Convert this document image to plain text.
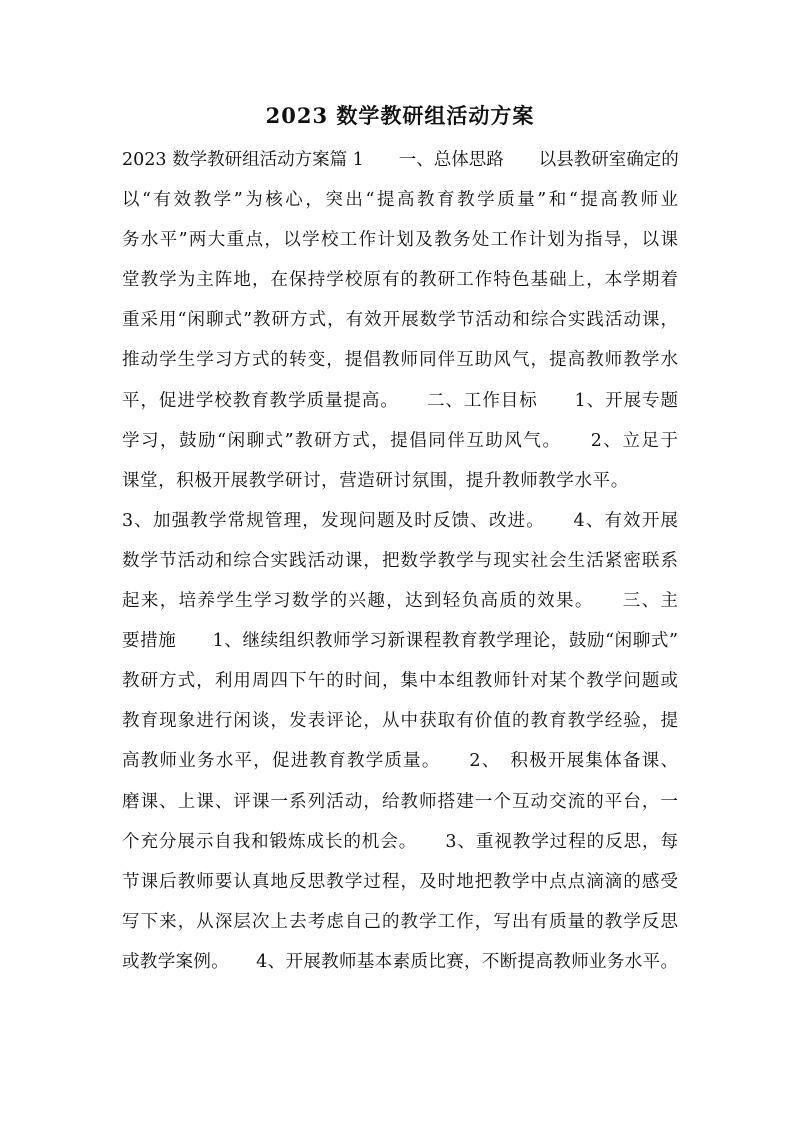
2023 数学教研组活动方案
2023 数学教研组活动方案篇 1　　一、总体思路　　以县教研室确定的
以“有效教学”为核心，突出“提高教育教学质量”和“提高教师业
务水平”两大重点，以学校工作计划及教务处工作计划为指导，以课
堂教学为主阵地，在保持学校原有的教研工作特色基础上，本学期着
重采用“闲聊式”教研方式，有效开展数学节活动和综合实践活动课，
推动学生学习方式的转变，提倡教师同伴互助风气，提高教师教学水
平，促进学校教育教学质量提高。　　二、工作目标　　1、开展专题
学习，鼓励“闲聊式”教研方式，提倡同伴互助风气。　　2、立足于
课堂，积极开展教学研讨，营造研讨氛围，提升教师教学水平。
3、加强教学常规管理，发现问题及时反馈、改进。　　4、有效开展
数学节活动和综合实践活动课，把数学教学与现实社会生活紧密联系
起来，培养学生学习数学的兴趣，达到轻负高质的效果。　　三、主
要措施　　1、继续组织教师学习新课程教育教学理论，鼓励“闲聊式”
教研方式，利用周四下午的时间，集中本组教师针对某个教学问题或
教育现象进行闲谈，发表评论，从中获取有价值的教育教学经验，提
高教师业务水平，促进教育教学质量。　　2、　积极开展集体备课、
磨课、上课、评课一系列活动，给教师搭建一个互动交流的平台，一
个充分展示自我和锻炼成长的机会。　　3、重视教学过程的反思，每
节课后教师要认真地反思教学过程，及时地把教学中点点滴滴的感受
写下来，从深层次上去考虑自己的教学工作，写出有质量的教学反思
或教学案例。　　4、开展教师基本素质比赛，不断提高教师业务水平。
